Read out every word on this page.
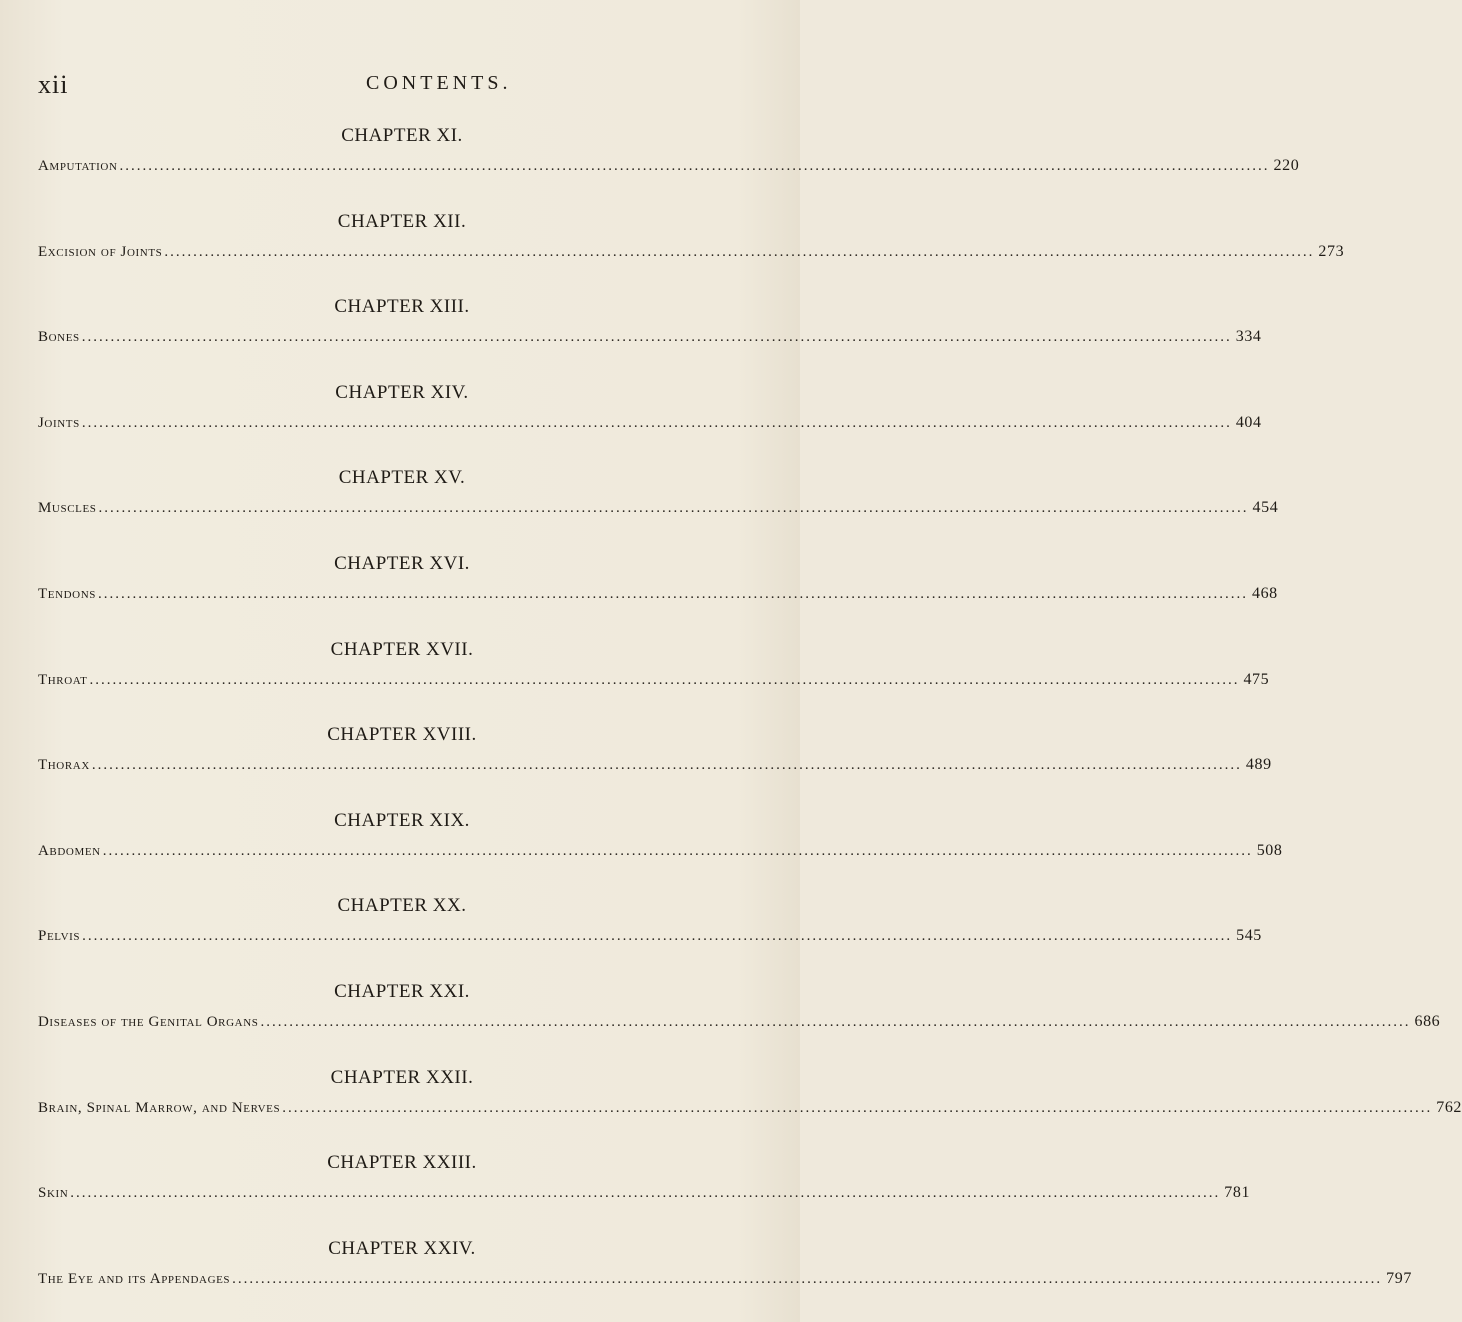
xii	CONTENTS.
CHAPTER XI.
Amputation ........................................................................................................................................................................................................ 220
CHAPTER XII.
Excision of Joints ........................................................................................................................................................................................................ 273
CHAPTER XIII.
Bones ........................................................................................................................................................................................................ 334
CHAPTER XIV.
Joints ........................................................................................................................................................................................................ 404
CHAPTER XV.
Muscles ........................................................................................................................................................................................................ 454
CHAPTER XVI.
Tendons ........................................................................................................................................................................................................ 468
CHAPTER XVII.
Throat ........................................................................................................................................................................................................ 475
CHAPTER XVIII.
Thorax ........................................................................................................................................................................................................ 489
CHAPTER XIX.
Abdomen ........................................................................................................................................................................................................ 508
CHAPTER XX.
Pelvis ........................................................................................................................................................................................................ 545
CHAPTER XXI.
Diseases of the Genital Organs ........................................................................................................................................................................................................ 686
CHAPTER XXII.
Brain, Spinal Marrow, and Nerves ........................................................................................................................................................................................................ 762
CHAPTER XXIII.
Skin ........................................................................................................................................................................................................ 781
CHAPTER XXIV.
The Eye and its Appendages ........................................................................................................................................................................................................ 797
